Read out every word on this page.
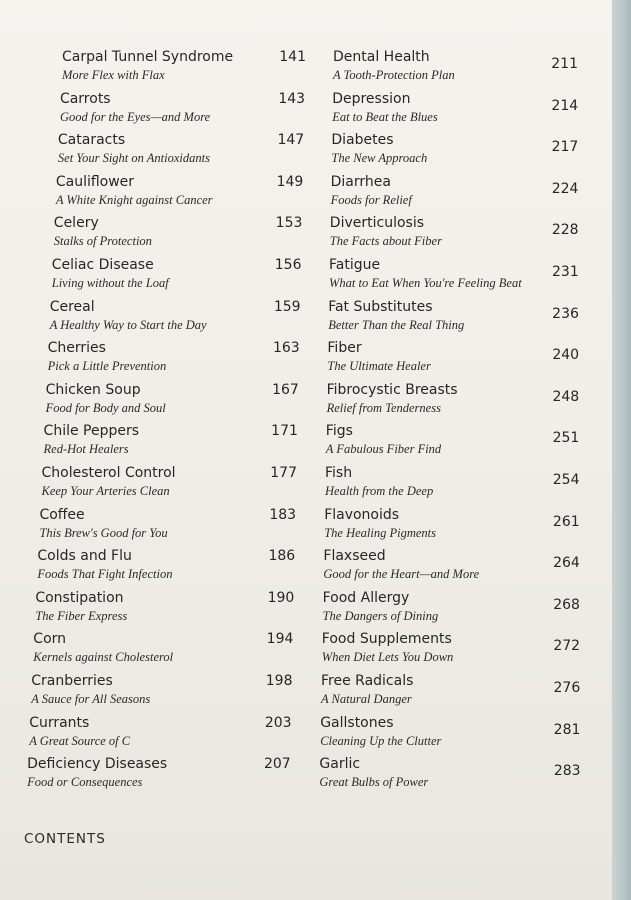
Carpal Tunnel Syndrome
More Flex with Flax
141
Carrots
Good for the Eyes—and More
143
Cataracts
Set Your Sight on Antioxidants
147
Cauliflower
A White Knight against Cancer
149
Celery
Stalks of Protection
153
Celiac Disease
Living without the Loaf
156
Cereal
A Healthy Way to Start the Day
159
Cherries
Pick a Little Prevention
163
Chicken Soup
Food for Body and Soul
167
Chile Peppers
Red-Hot Healers
171
Cholesterol Control
Keep Your Arteries Clean
177
Coffee
This Brew's Good for You
183
Colds and Flu
Foods That Fight Infection
186
Constipation
The Fiber Express
190
Corn
Kernels against Cholesterol
194
Cranberries
A Sauce for All Seasons
198
Currants
A Great Source of C
203
Deficiency Diseases
Food or Consequences
207
Dental Health
A Tooth-Protection Plan
211
Depression
Eat to Beat the Blues
214
Diabetes
The New Approach
217
Diarrhea
Foods for Relief
224
Diverticulosis
The Facts about Fiber
228
Fatigue
What to Eat When You're Feeling Beat
231
Fat Substitutes
Better Than the Real Thing
236
Fiber
The Ultimate Healer
240
Fibrocystic Breasts
Relief from Tenderness
248
Figs
A Fabulous Fiber Find
251
Fish
Health from the Deep
254
Flavonoids
The Healing Pigments
261
Flaxseed
Good for the Heart—and More
264
Food Allergy
The Dangers of Dining
268
Food Supplements
When Diet Lets You Down
272
Free Radicals
A Natural Danger
276
Gallstones
Cleaning Up the Clutter
281
Garlic
Great Bulbs of Power
283
CONTENTS
